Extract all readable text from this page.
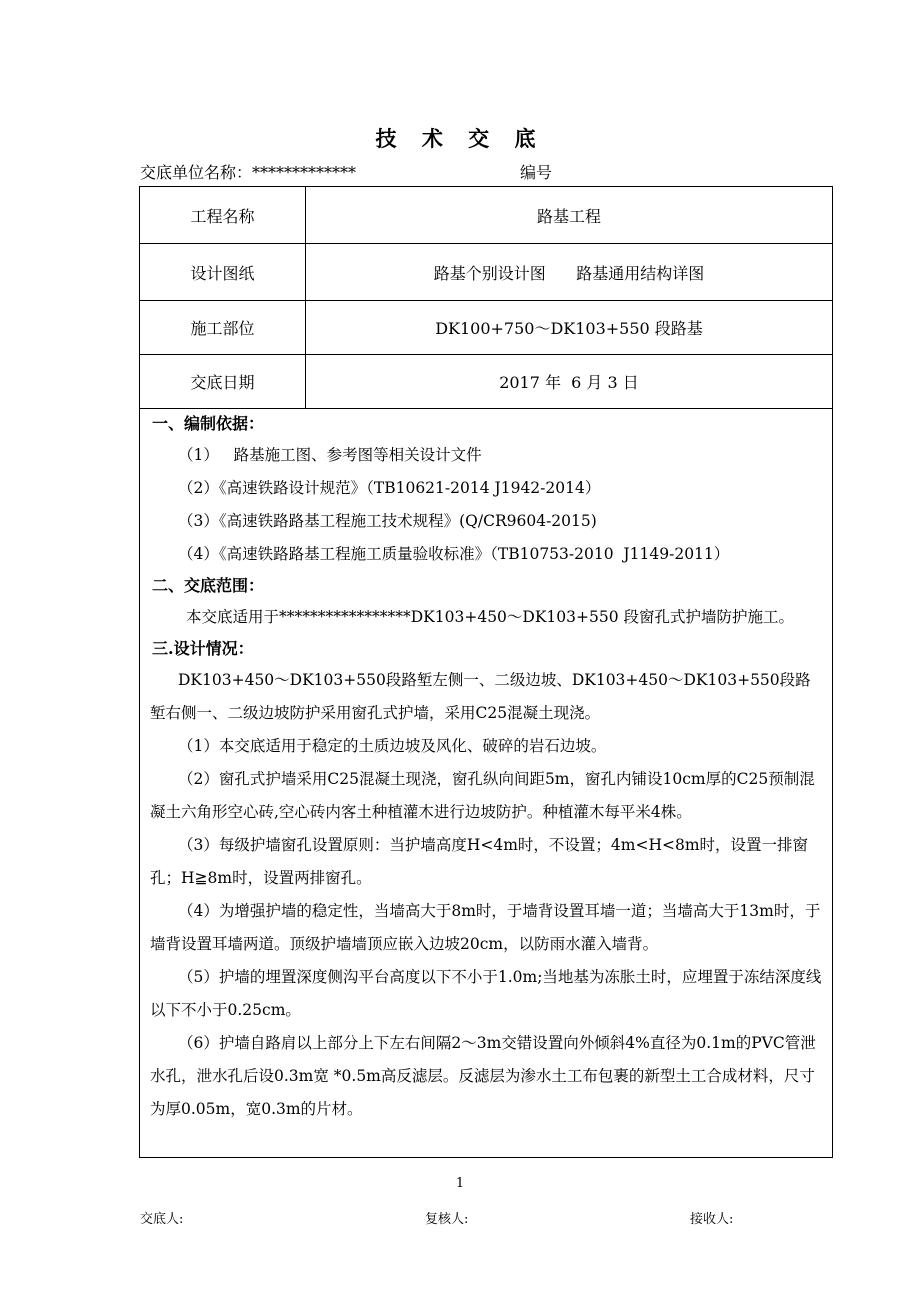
技 术 交 底
交底单位名称：*************	编号
工程名称	路基工程
设计图纸	路基个别设计图      路基通用结构详图
施工部位	DK100+750～DK103+550 段路基
交底日期	2017 年  6 月 3 日
一、编制依据：
（1）   路基施工图、参考图等相关设计文件
（2）《高速铁路设计规范》（TB10621-2014 J1942-2014）
（3）《高速铁路路基工程施工技术规程》(Q/CR9604-2015)
（4）《高速铁路路基工程施工质量验收标准》（TB10753-2010  J1149-2011）
二、交底范围：
本交底适用于*****************DK103+450～DK103+550 段窗孔式护墙防护施工。
三.设计情况：
DK103+450～DK103+550段路堑左侧一、二级边坡、DK103+450～DK103+550段路堑右侧一、二级边坡防护采用窗孔式护墙，采用C25混凝土现浇。
（1）本交底适用于稳定的土质边坡及风化、破碎的岩石边坡。
（2）窗孔式护墙采用C25混凝土现浇，窗孔纵向间距5m，窗孔内铺设10cm厚的C25预制混凝土六角形空心砖,空心砖内客土种植灌木进行边坡防护。种植灌木每平米4株。
（3）每级护墙窗孔设置原则：当护墙高度H<4m时，不设置；4m<H<8m时，设置一排窗孔；H≧8m时，设置两排窗孔。
（4）为增强护墙的稳定性，当墙高大于8m时，于墙背设置耳墙一道；当墙高大于13m时，于墙背设置耳墙两道。顶级护墙墙顶应嵌入边坡20cm，以防雨水灌入墙背。
（5）护墙的埋置深度侧沟平台高度以下不小于1.0m;当地基为冻胀土时，应埋置于冻结深度线以下不小于0.25cm。
（6）护墙自路肩以上部分上下左右间隔2～3m交错设置向外倾斜4%直径为0.1m的PVC管泄水孔，泄水孔后设0.3m宽 *0.5m高反滤层。反滤层为渗水土工布包裹的新型土工合成材料，尺寸为厚0.05m，宽0.3m的片材。
1
交底人:	复核人:	接收人:
